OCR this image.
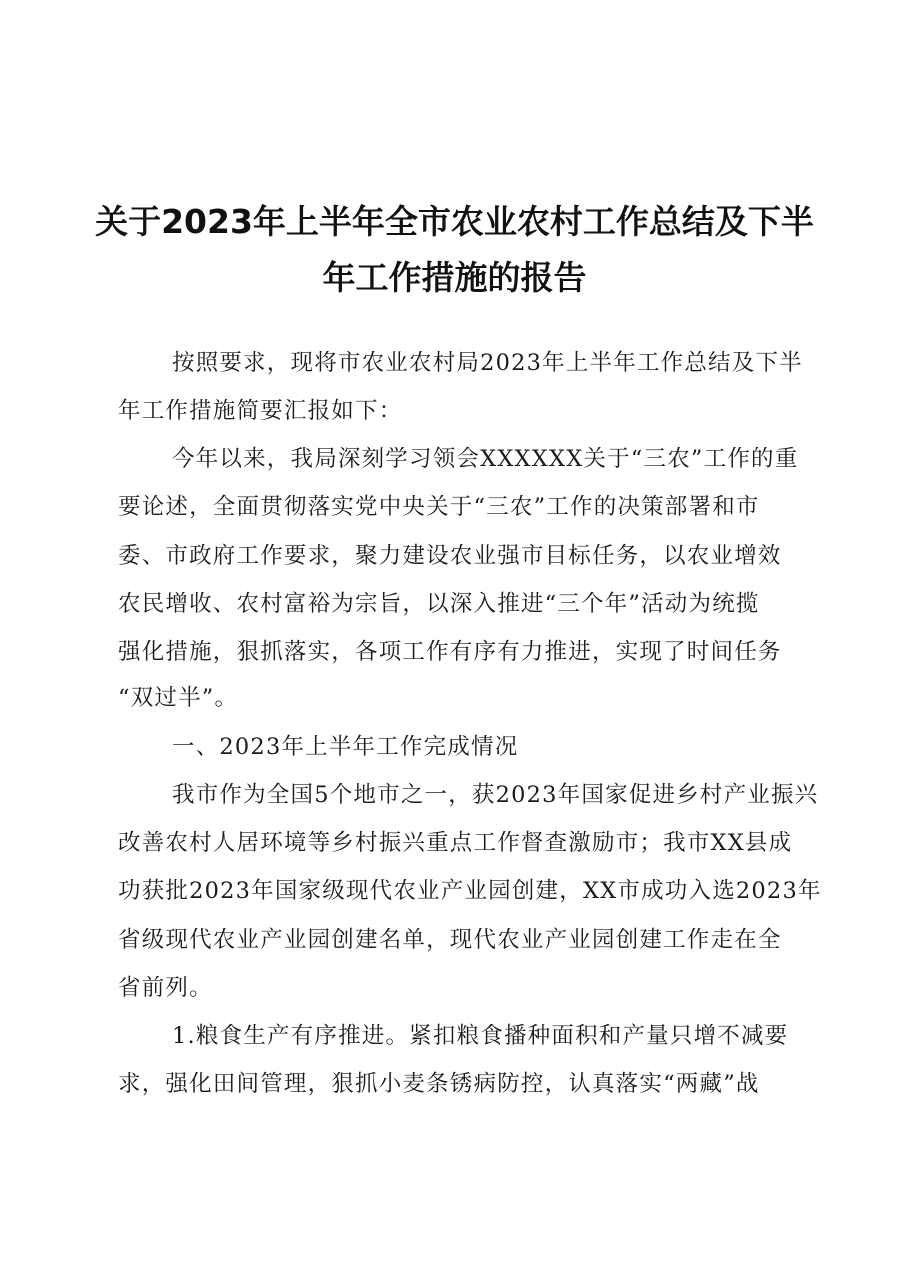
关于2023年上半年全市农业农村工作总结及下半
年工作措施的报告

按照要求，现将市农业农村局2023年上半年工作总结及下半

年工作措施简要汇报如下：

今年以来，我局深刻学习领会XXXXXX关于“三农”工作的重

要论述，全面贯彻落实党中央关于“三农”工作的决策部署和市

委、市政府工作要求，聚力建设农业强市目标任务，以农业增效

农民增收、农村富裕为宗旨，以深入推进“三个年”活动为统揽

强化措施，狠抓落实，各项工作有序有力推进，实现了时间任务

“双过半”。

一、2023年上半年工作完成情况

我市作为全国5个地市之一，获2023年国家促进乡村产业振兴

改善农村人居环境等乡村振兴重点工作督查激励市；我市XX县成

功获批2023年国家级现代农业产业园创建，XX市成功入选2023年

省级现代农业产业园创建名单，现代农业产业园创建工作走在全

省前列。

1.粮食生产有序推进。紧扣粮食播种面积和产量只增不减要

求，强化田间管理，狠抓小麦条锈病防控，认真落实“两藏”战
